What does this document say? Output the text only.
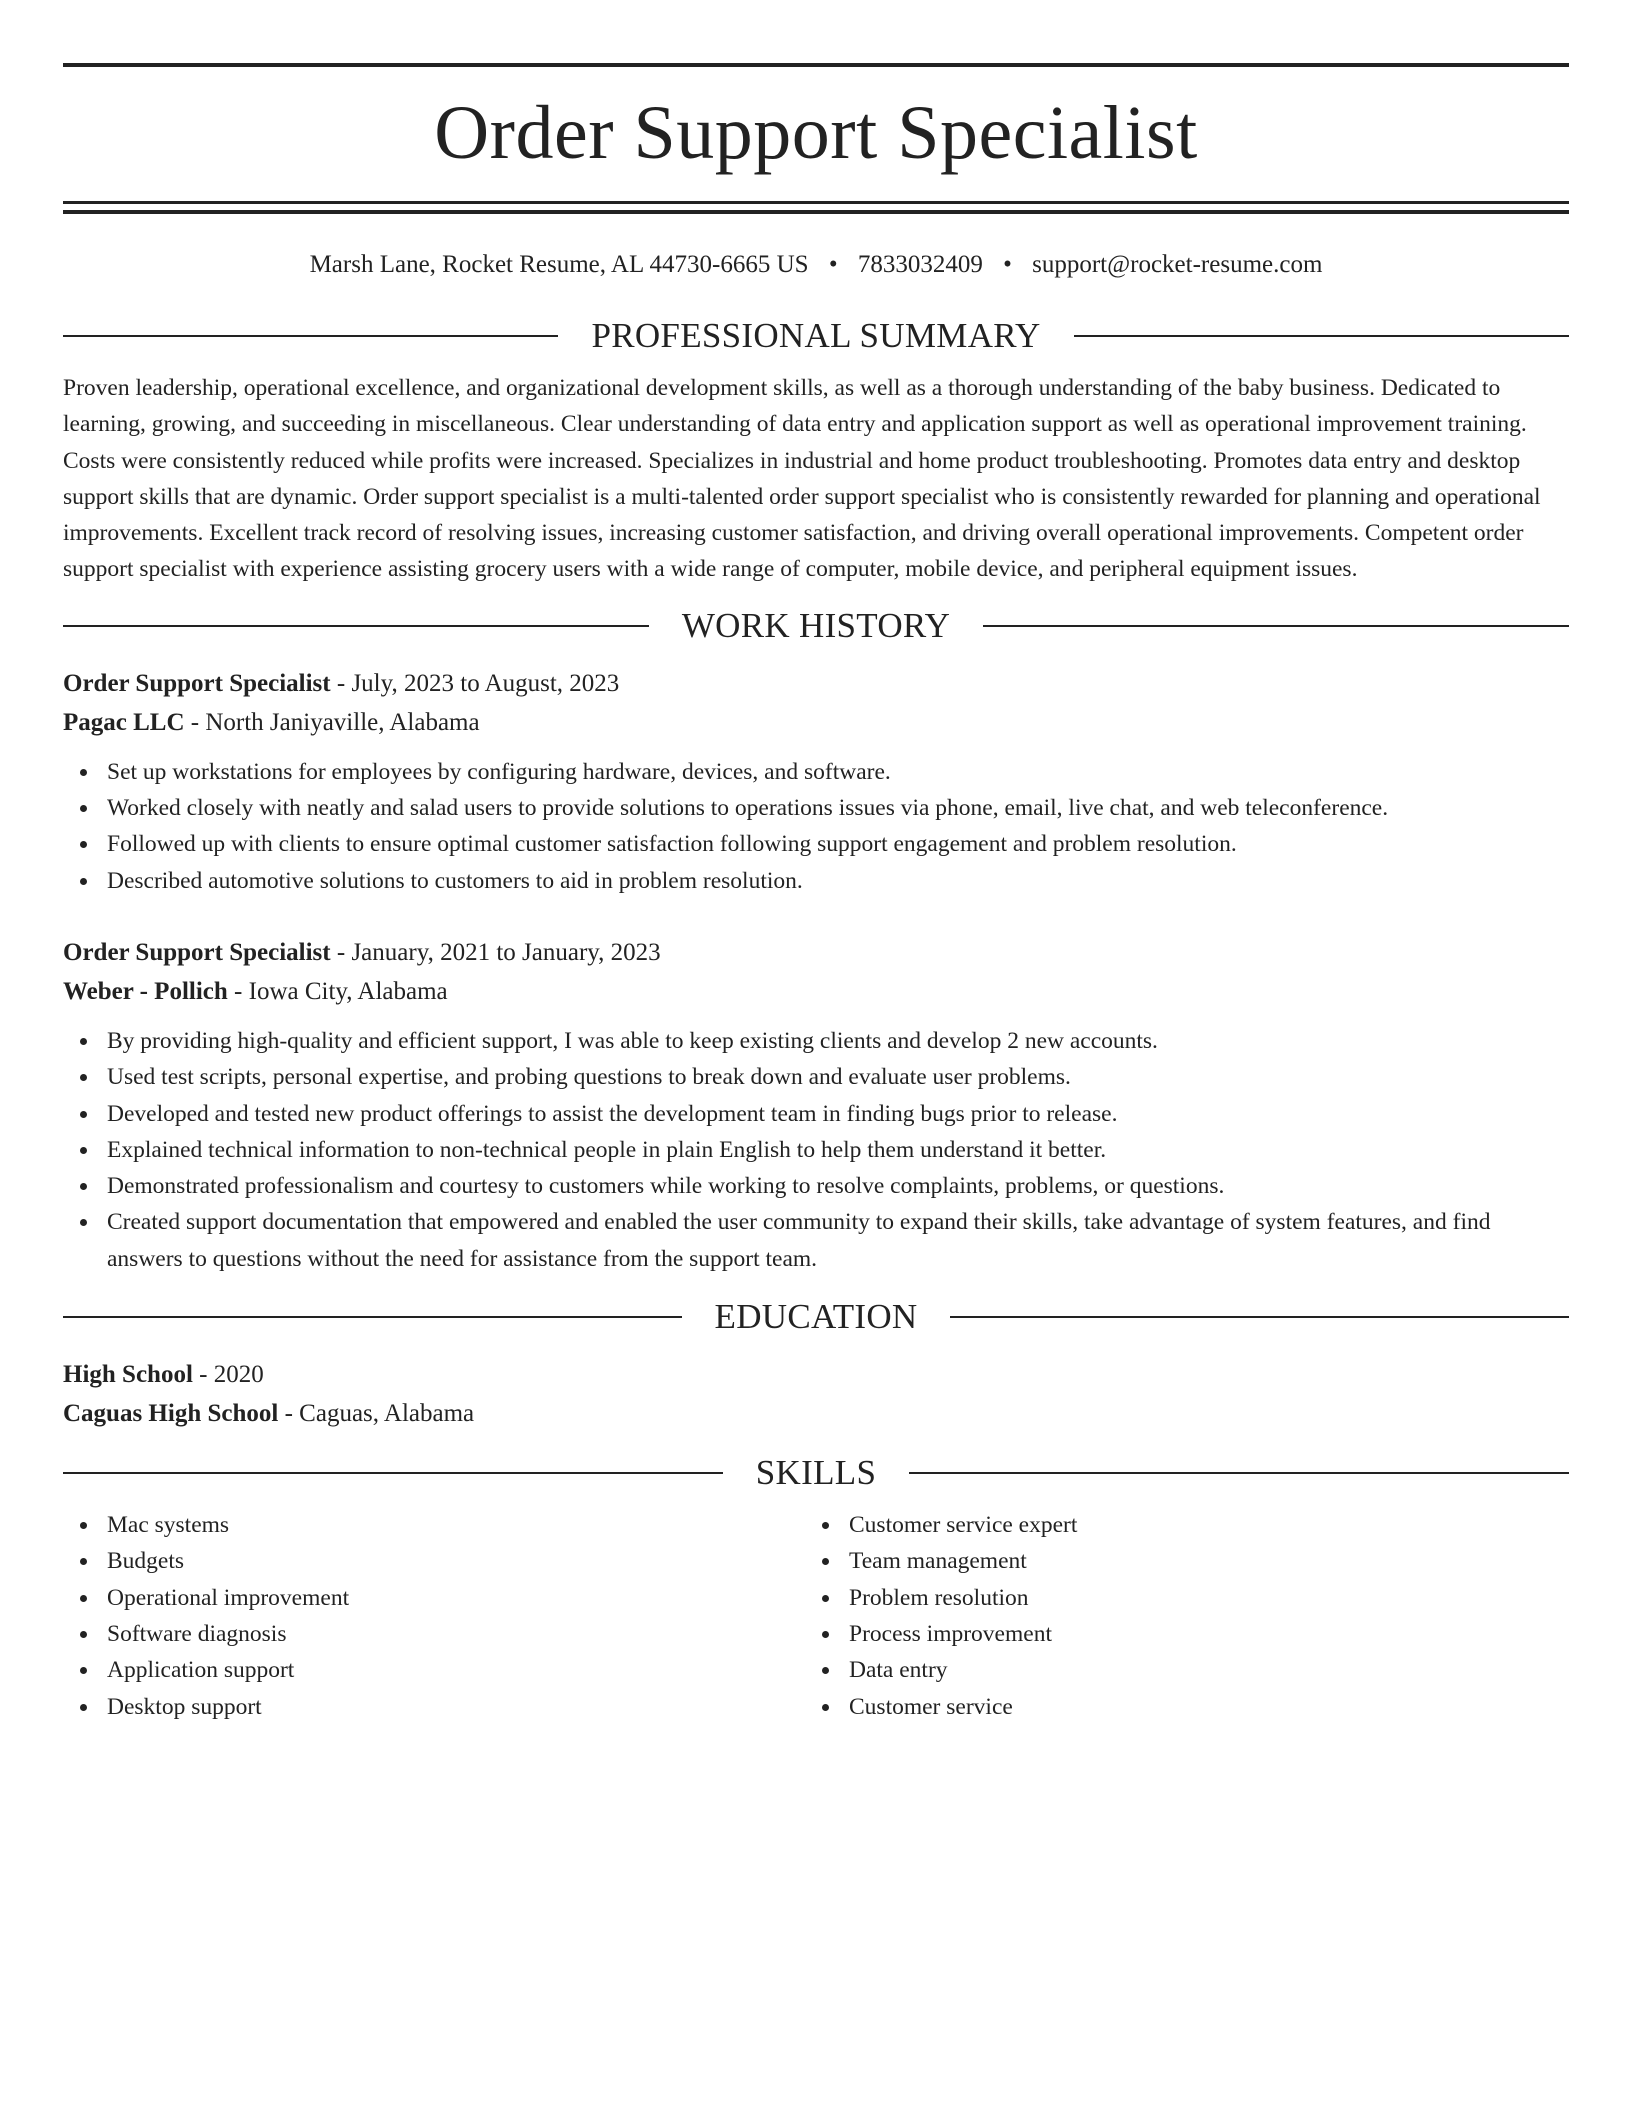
Order Support Specialist
Marsh Lane, Rocket Resume, AL 44730-6665 US • 7833032409 • support@rocket-resume.com
PROFESSIONAL SUMMARY

Proven leadership, operational excellence, and organizational development skills, as well as a thorough understanding of the baby business. Dedicated to learning, growing, and succeeding in miscellaneous. Clear understanding of data entry and application support as well as operational improvement training. Costs were consistently reduced while profits were increased. Specializes in industrial and home product troubleshooting. Promotes data entry and desktop support skills that are dynamic. Order support specialist is a multi-talented order support specialist who is consistently rewarded for planning and operational improvements. Excellent track record of resolving issues, increasing customer satisfaction, and driving overall operational improvements. Competent order support specialist with experience assisting grocery users with a wide range of computer, mobile device, and peripheral equipment issues.

WORK HISTORY
Order Support Specialist - July, 2023 to August, 2023
Pagac LLC - North Janiyaville, Alabama
Set up workstations for employees by configuring hardware, devices, and software.
Worked closely with neatly and salad users to provide solutions to operations issues via phone, email, live chat, and web teleconference.
Followed up with clients to ensure optimal customer satisfaction following support engagement and problem resolution.
Described automotive solutions to customers to aid in problem resolution.
Order Support Specialist - January, 2021 to January, 2023
Weber - Pollich - Iowa City, Alabama
By providing high-quality and efficient support, I was able to keep existing clients and develop 2 new accounts.
Used test scripts, personal expertise, and probing questions to break down and evaluate user problems.
Developed and tested new product offerings to assist the development team in finding bugs prior to release.
Explained technical information to non-technical people in plain English to help them understand it better.
Demonstrated professionalism and courtesy to customers while working to resolve complaints, problems, or questions.
Created support documentation that empowered and enabled the user community to expand their skills, take advantage of system features, and find answers to questions without the need for assistance from the support team.
EDUCATION
High School - 2020
Caguas High School - Caguas, Alabama
SKILLS
Mac systems
Budgets
Operational improvement
Software diagnosis
Application support
Desktop support
Customer service expert
Team management
Problem resolution
Process improvement
Data entry
Customer service
